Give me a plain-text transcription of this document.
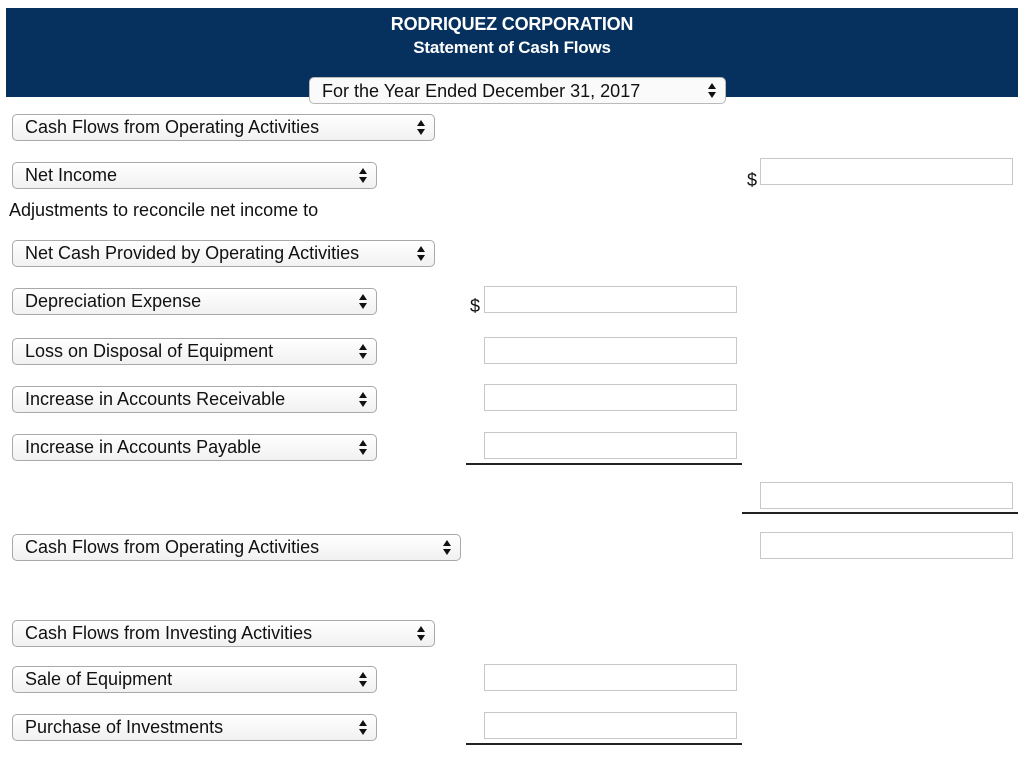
RODRIQUEZ CORPORATION
Statement of Cash Flows
For the Year Ended December 31, 2017
Cash Flows from Operating Activities
Net Income	$
Adjustments to reconcile net income to
Net Cash Provided by Operating Activities
Depreciation Expense	$
Loss on Disposal of Equipment
Increase in Accounts Receivable
Increase in Accounts Payable
Cash Flows from Operating Activities
Cash Flows from Investing Activities
Sale of Equipment
Purchase of Investments
